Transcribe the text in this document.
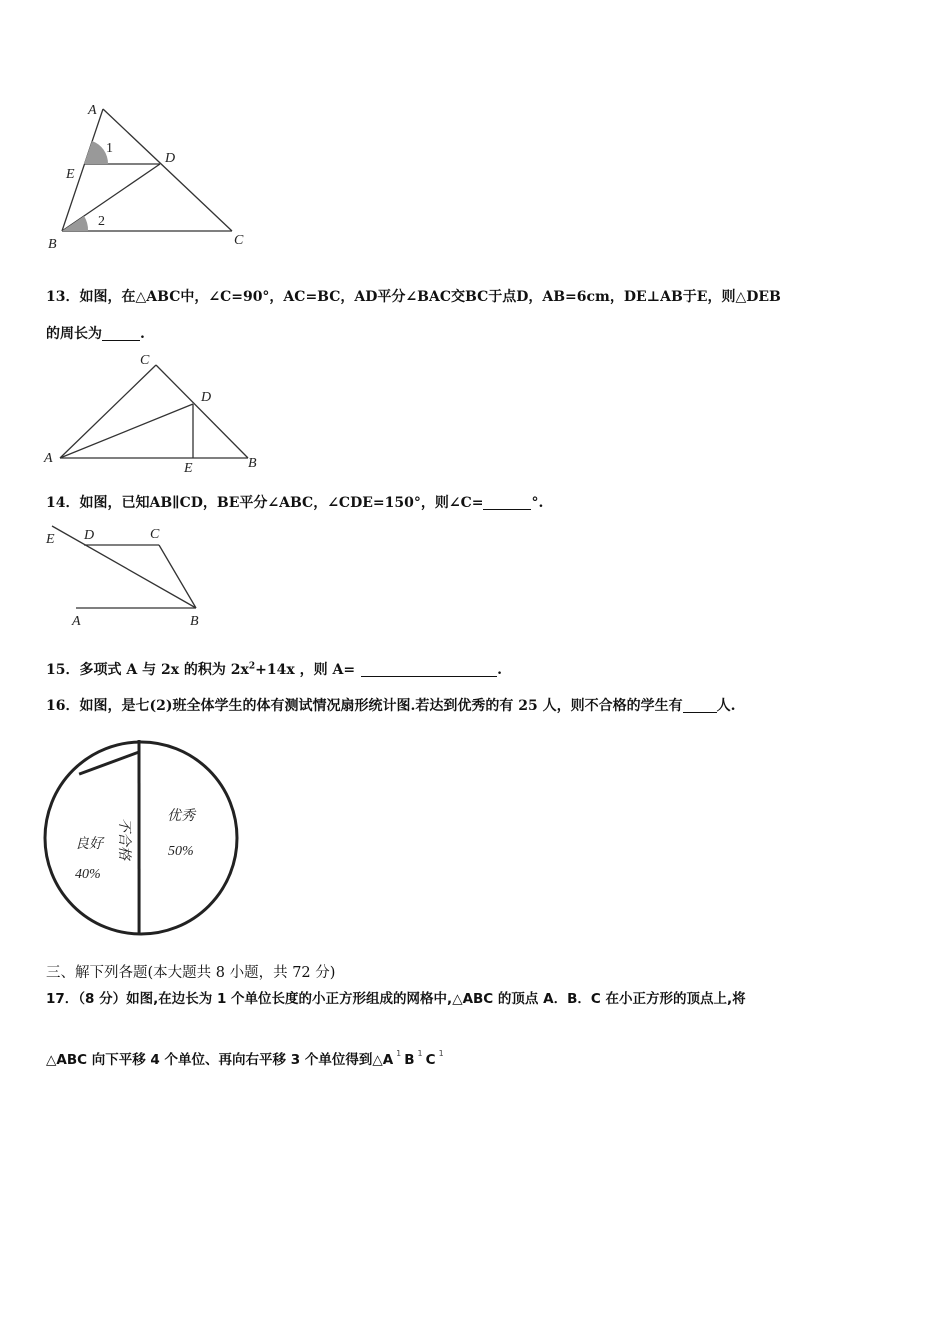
A
E
B
D
C
1
2
13．如图，在△ABC中，∠C=90°，AC=BC，AD平分∠BAC交BC于点D，AB=6cm，DE⊥AB于E，则△DEB
的周长为	.
C
D
A
E	B
14．如图，已知AB∥CD，BE平分∠ABC，∠CDE=150°，则∠C=	°.
E D	C
A	B
15．多项式 A 与 2x 的积为 $2x^2+14x$ ，则 A=	.
16．如图，是七(2)班全体学生的体有测试情况扇形统计图.若达到优秀的有 25 人，则不合格的学生有 人.
优秀
50%
良好
40%
不合格
三、解下列各题(本大题共 8 小题，共 72 分)
17．（8 分）如图,在边长为 1 个单位长度的小正方形组成的网格中,△ABC 的顶点 A．B．C 在小正方形的顶点上,将
△ABC 向下平移 4 个单位、再向右平移 3 个单位得到△A $^1$ B $^1$ C $^1$
